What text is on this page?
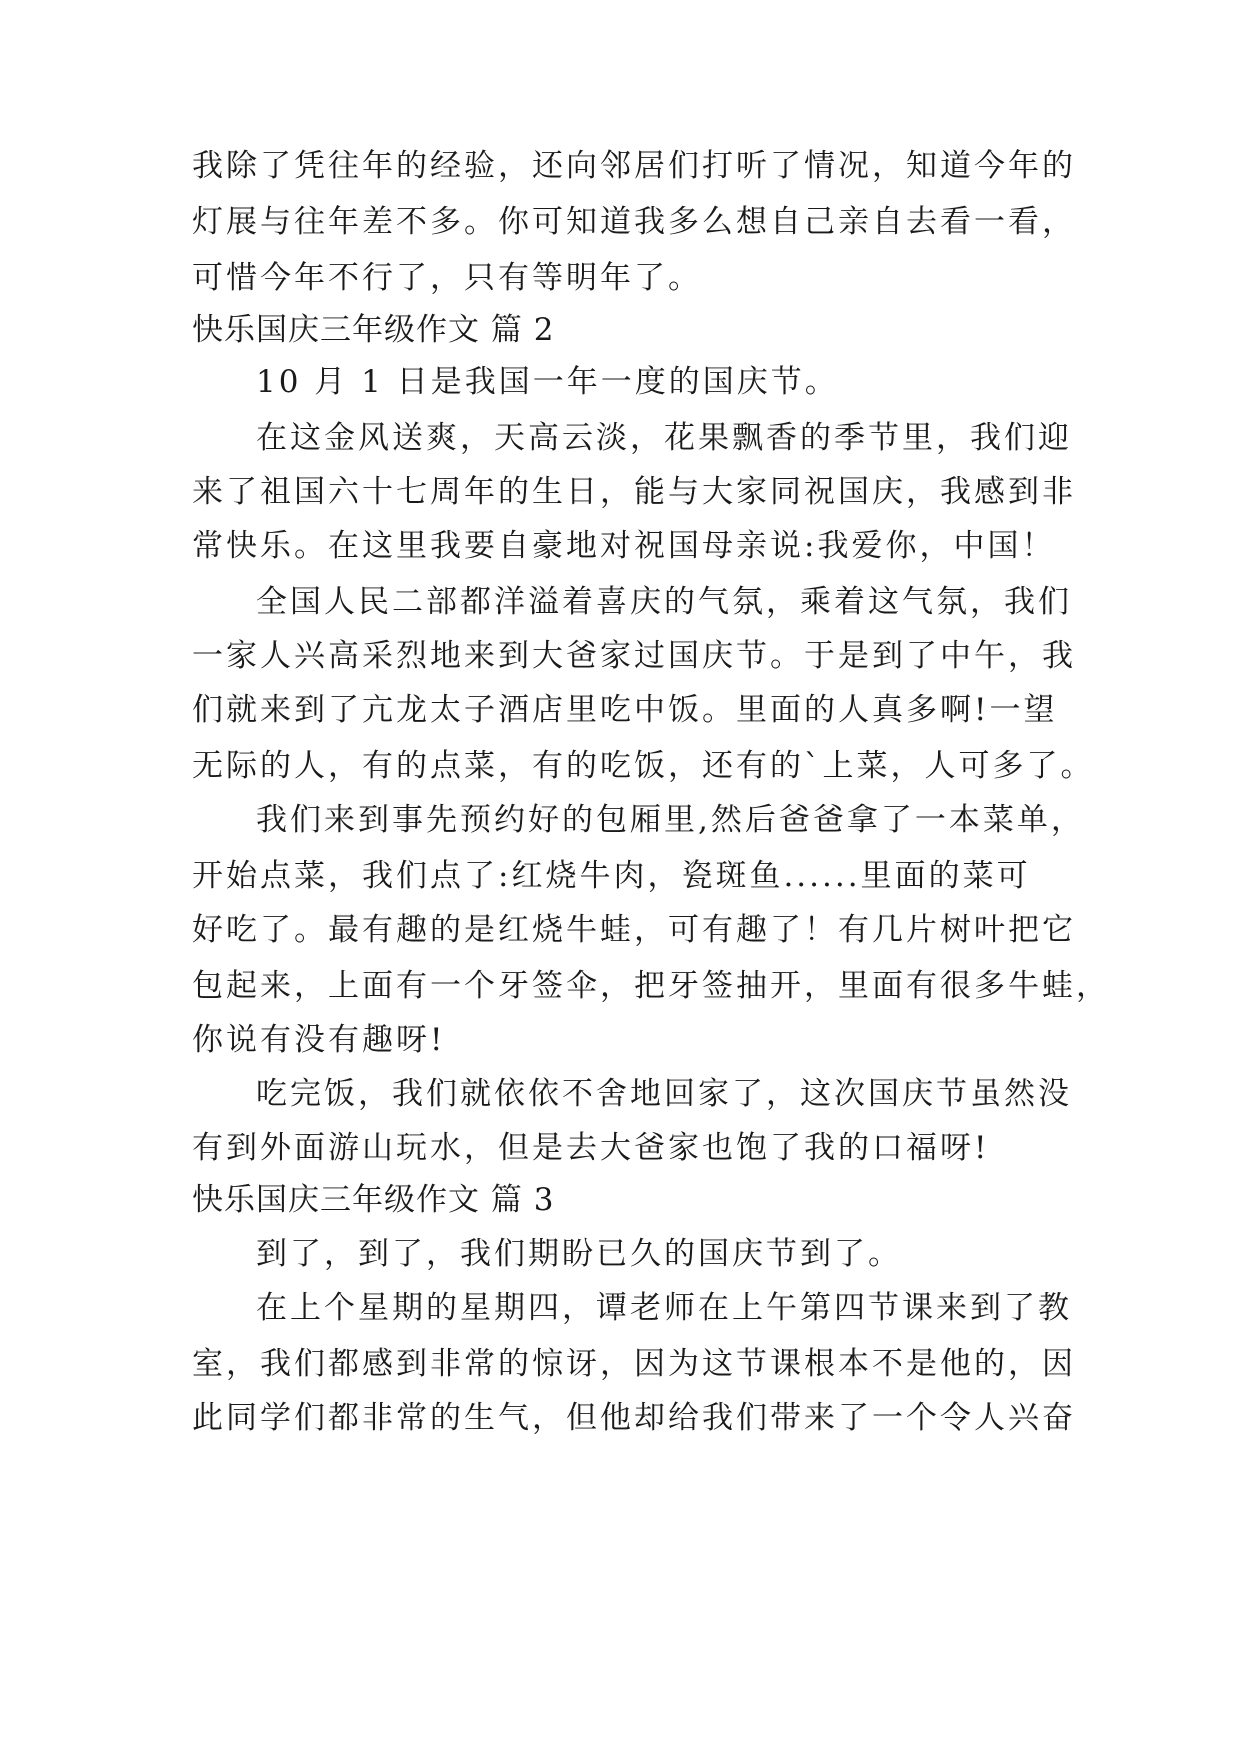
我除了凭往年的经验，还向邻居们打听了情况，知道今年的
灯展与往年差不多。你可知道我多么想自己亲自去看一看，
可惜今年不行了，只有等明年了。
快乐国庆三年级作文 篇 2
10 月 1 日是我国一年一度的国庆节。
在这金风送爽，天高云淡，花果飘香的季节里，我们迎
来了祖国六十七周年的生日，能与大家同祝国庆，我感到非
常快乐。在这里我要自豪地对祝国母亲说:我爱你，中国！
全国人民二部都洋溢着喜庆的气氛，乘着这气氛，我们
一家人兴高采烈地来到大爸家过国庆节。于是到了中午，我
们就来到了亢龙太子酒店里吃中饭。里面的人真多啊!一望
无际的人，有的点菜，有的吃饭，还有的`上菜，人可多了。
我们来到事先预约好的包厢里,然后爸爸拿了一本菜单，
开始点菜，我们点了:红烧牛肉，瓷斑鱼......里面的菜可
好吃了。最有趣的是红烧牛蛙，可有趣了！有几片树叶把它
包起来，上面有一个牙签伞，把牙签抽开，里面有很多牛蛙，
你说有没有趣呀!
吃完饭，我们就依依不舍地回家了，这次国庆节虽然没
有到外面游山玩水，但是去大爸家也饱了我的口福呀!
快乐国庆三年级作文 篇 3
到了，到了，我们期盼已久的国庆节到了。
在上个星期的星期四，谭老师在上午第四节课来到了教
室，我们都感到非常的惊讶，因为这节课根本不是他的，因
此同学们都非常的生气，但他却给我们带来了一个令人兴奋
